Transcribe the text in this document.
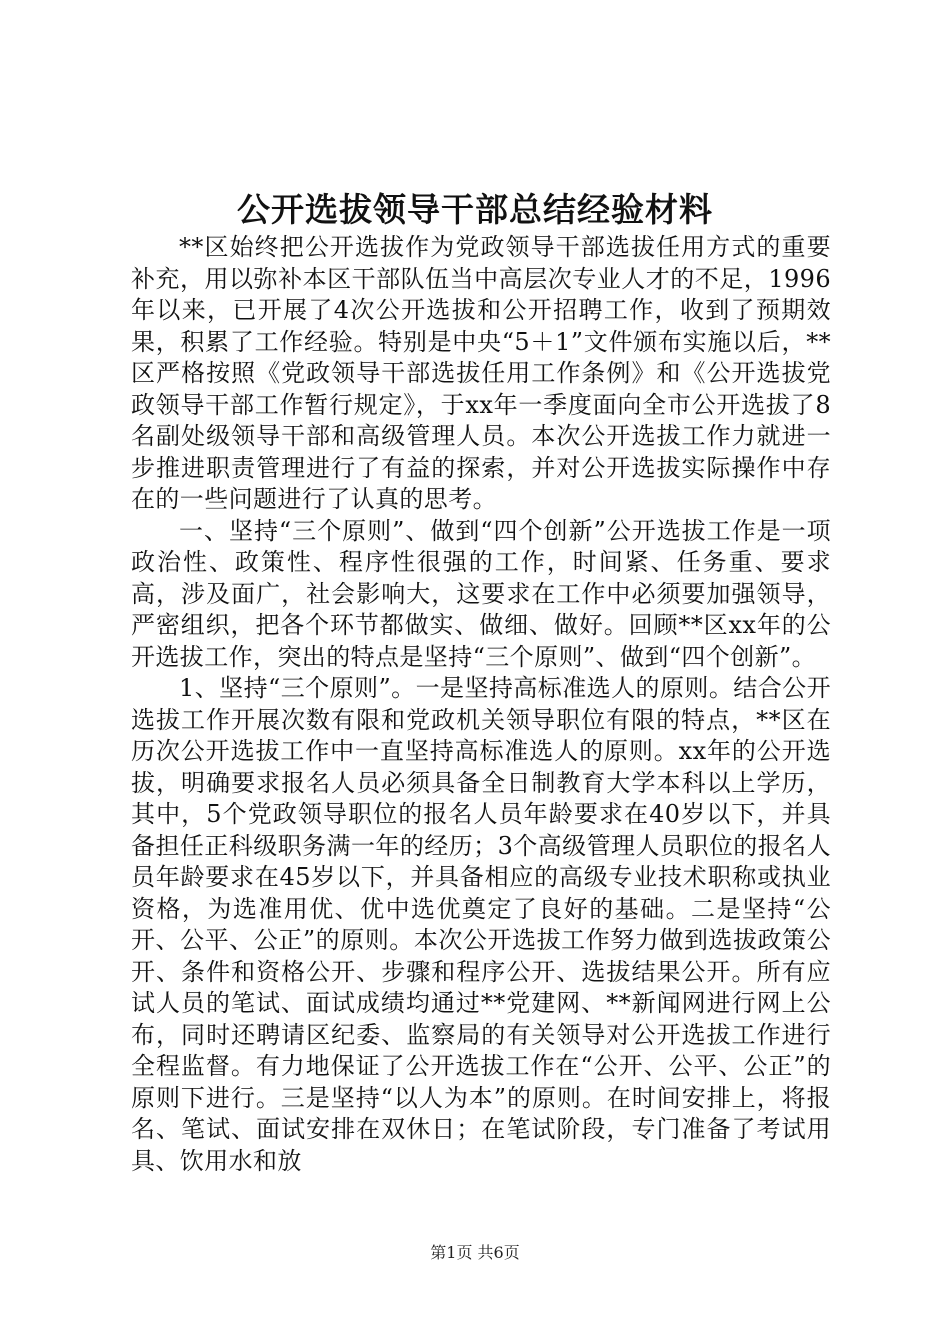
公开选拔领导干部总结经验材料

**区始终把公开选拔作为党政领导干部选拔任用方式的重要补充，用以弥补本区干部队伍当中高层次专业人才的不足，1996年以来，已开展了4次公开选拔和公开招聘工作，收到了预期效果，积累了工作经验。特别是中央“5＋1”文件颁布实施以后，**区严格按照《党政领导干部选拔任用工作条例》和《公开选拔党政领导干部工作暂行规定》，于xx年一季度面向全市公开选拔了8名副处级领导干部和高级管理人员。本次公开选拔工作力就进一步推进职责管理进行了有益的探索，并对公开选拔实际操作中存在的一些问题进行了认真的思考。

一、坚持“三个原则”、做到“四个创新”公开选拔工作是一项政治性、政策性、程序性很强的工作，时间紧、任务重、要求高，涉及面广，社会影响大，这要求在工作中必须要加强领导，严密组织，把各个环节都做实、做细、做好。回顾**区xx年的公开选拔工作，突出的特点是坚持“三个原则”、做到“四个创新”。

1、坚持“三个原则”。一是坚持高标准选人的原则。结合公开选拔工作开展次数有限和党政机关领导职位有限的特点，**区在历次公开选拔工作中一直坚持高标准选人的原则。xx年的公开选拔，明确要求报名人员必须具备全日制教育大学本科以上学历，其中，5个党政领导职位的报名人员年龄要求在40岁以下，并具备担任正科级职务满一年的经历；3个高级管理人员职位的报名人员年龄要求在45岁以下，并具备相应的高级专业技术职称或执业资格，为选准用优、优中选优奠定了良好的基础。二是坚持“公开、公平、公正”的原则。本次公开选拔工作努力做到选拔政策公开、条件和资格公开、步骤和程序公开、选拔结果公开。所有应试人员的笔试、面试成绩均通过**党建网、**新闻网进行网上公布，同时还聘请区纪委、监察局的有关领导对公开选拔工作进行全程监督。有力地保证了公开选拔工作在“公开、公平、公正”的原则下进行。三是坚持“以人为本”的原则。在时间安排上，将报名、笔试、面试安排在双休日；在笔试阶段，专门准备了考试用具、饮用水和放

第1页 共6页
